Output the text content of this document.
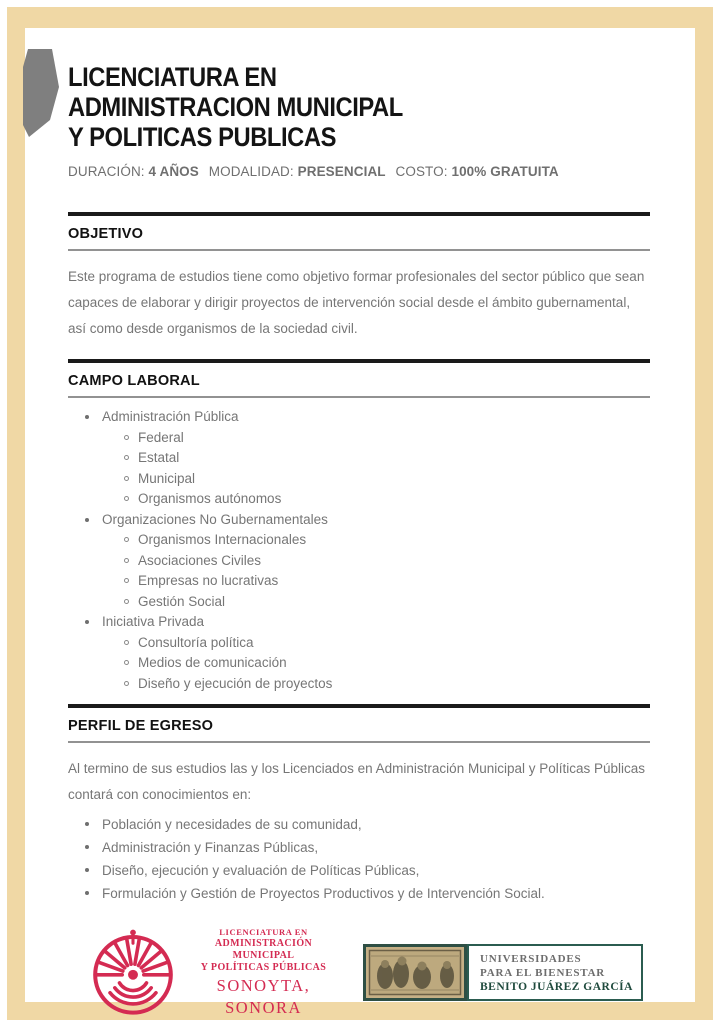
LICENCIATURA EN
ADMINISTRACION MUNICIPAL
Y POLITICAS PUBLICAS
DURACIÓN: 4 AÑOS MODALIDAD: PRESENCIAL COSTO: 100% GRATUITA
OBJETIVO

Este programa de estudios tiene como objetivo formar profesionales del sector público que sean capaces de elaborar y dirigir proyectos de intervención social desde el ámbito gubernamental, así como desde organismos de la sociedad civil.

CAMPO LABORAL
Administración Pública
Federal
Estatal
Municipal
Organismos autónomos
Organizaciones No Gubernamentales
Organismos Internacionales
Asociaciones Civiles
Empresas no lucrativas
Gestión Social
Iniciativa Privada
Consultoría política
Medios de comunicación
Diseño y ejecución de proyectos
PERFIL DE EGRESO

Al termino de sus estudios las y los Licenciados en Administración Municipal y Políticas Públicas contará con conocimientos en:

Población y necesidades de su comunidad,
Administración y Finanzas Públicas,
Diseño, ejecución y evaluación de Políticas Públicas,
Formulación y Gestión de Proyectos Productivos y de Intervención Social.
LICENCIATURA EN
ADMINISTRACIÓN MUNICIPAL
Y POLÍTICAS PÚBLICAS
SONOYTA, SONORA
UNIVERSIDADES
PARA EL BIENESTAR
BENITO JUÁREZ GARCÍA
